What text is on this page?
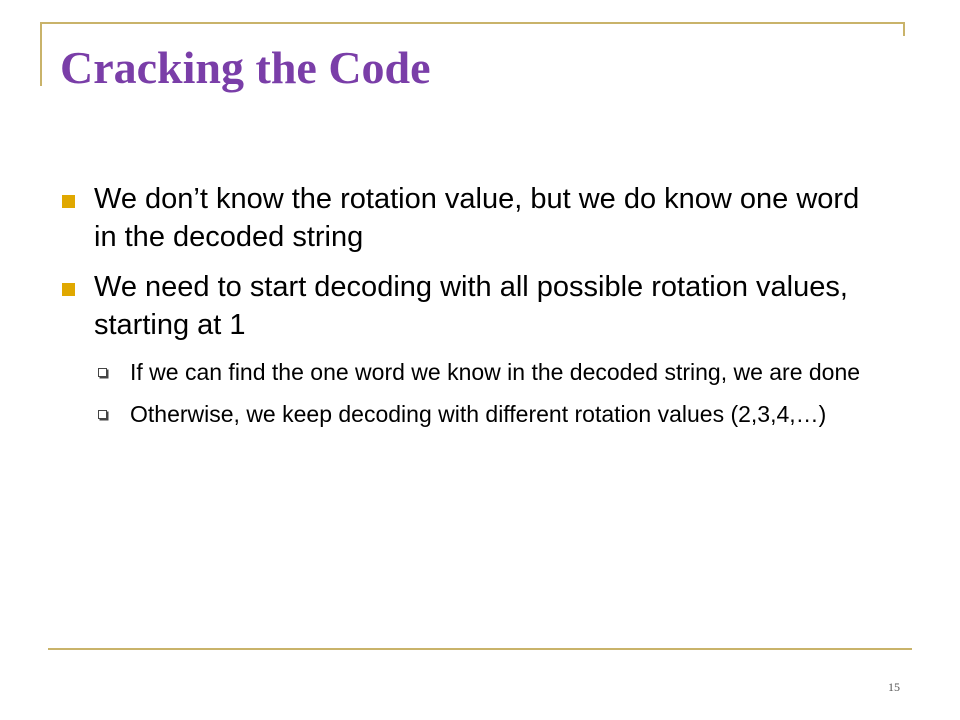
Cracking the Code
We don’t know the rotation value, but we do know one word in the decoded string
We need to start decoding with all possible rotation values, starting at 1
If we can find the one word we know in the decoded string, we are done
Otherwise, we keep decoding with different rotation values (2,3,4,…)
15
